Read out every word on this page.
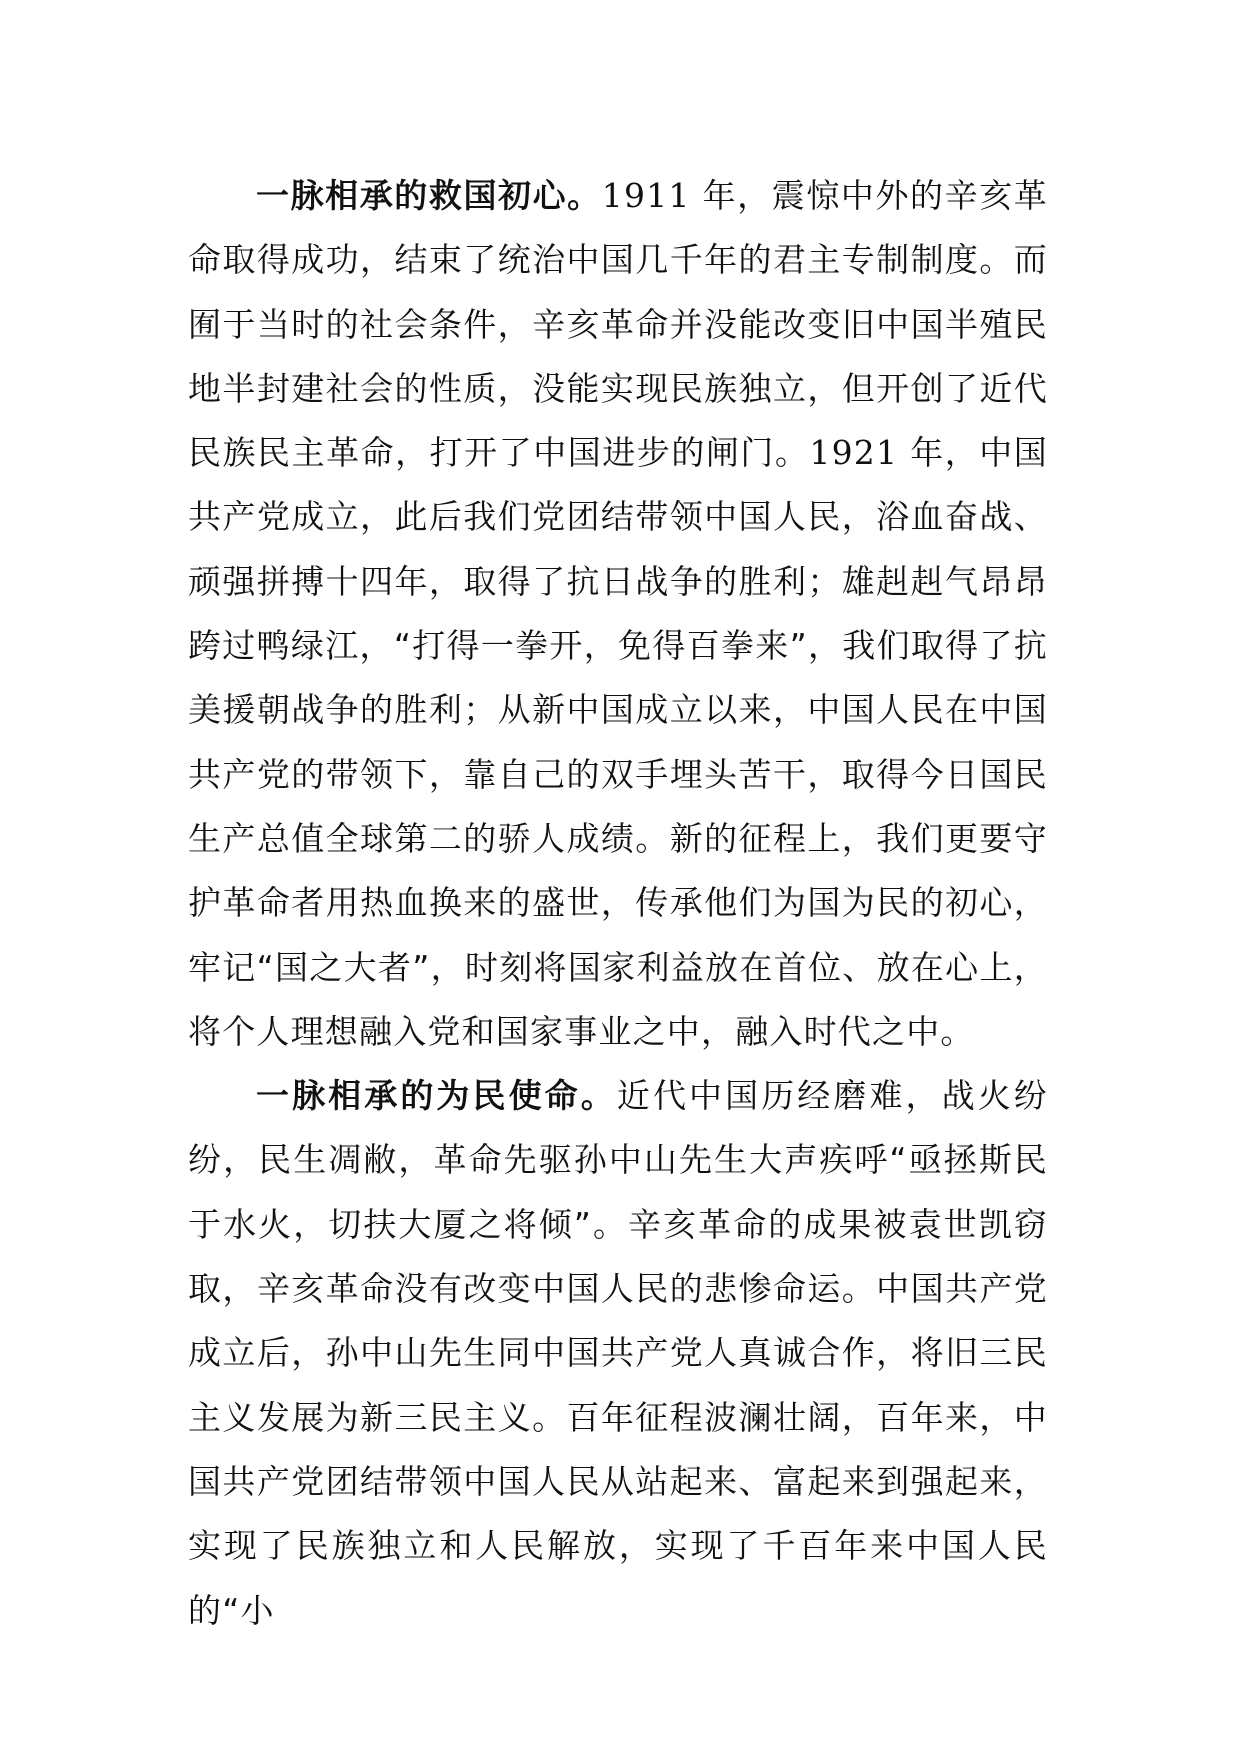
一脉相承的救国初心。1911 年，震惊中外的辛亥革命取得成功，结束了统治中国几千年的君主专制制度。而囿于当时的社会条件，辛亥革命并没能改变旧中国半殖民地半封建社会的性质，没能实现民族独立，但开创了近代民族民主革命，打开了中国进步的闸门。1921 年，中国共产党成立，此后我们党团结带领中国人民，浴血奋战、顽强拼搏十四年，取得了抗日战争的胜利；雄赳赳气昂昂跨过鸭绿江，“打得一拳开，免得百拳来”，我们取得了抗美援朝战争的胜利；从新中国成立以来，中国人民在中国共产党的带领下，靠自己的双手埋头苦干，取得今日国民生产总值全球第二的骄人成绩。新的征程上，我们更要守护革命者用热血换来的盛世，传承他们为国为民的初心，牢记“国之大者”，时刻将国家利益放在首位、放在心上，将个人理想融入党和国家事业之中，融入时代之中。

一脉相承的为民使命。近代中国历经磨难，战火纷纷，民生凋敝，革命先驱孙中山先生大声疾呼“亟拯斯民于水火，切扶大厦之将倾”。辛亥革命的成果被袁世凯窃取，辛亥革命没有改变中国人民的悲惨命运。中国共产党成立后，孙中山先生同中国共产党人真诚合作，将旧三民主义发展为新三民主义。百年征程波澜壮阔，百年来，中国共产党团结带领中国人民从站起来、富起来到强起来，实现了民族独立和人民解放，实现了千百年来中国人民的“小
